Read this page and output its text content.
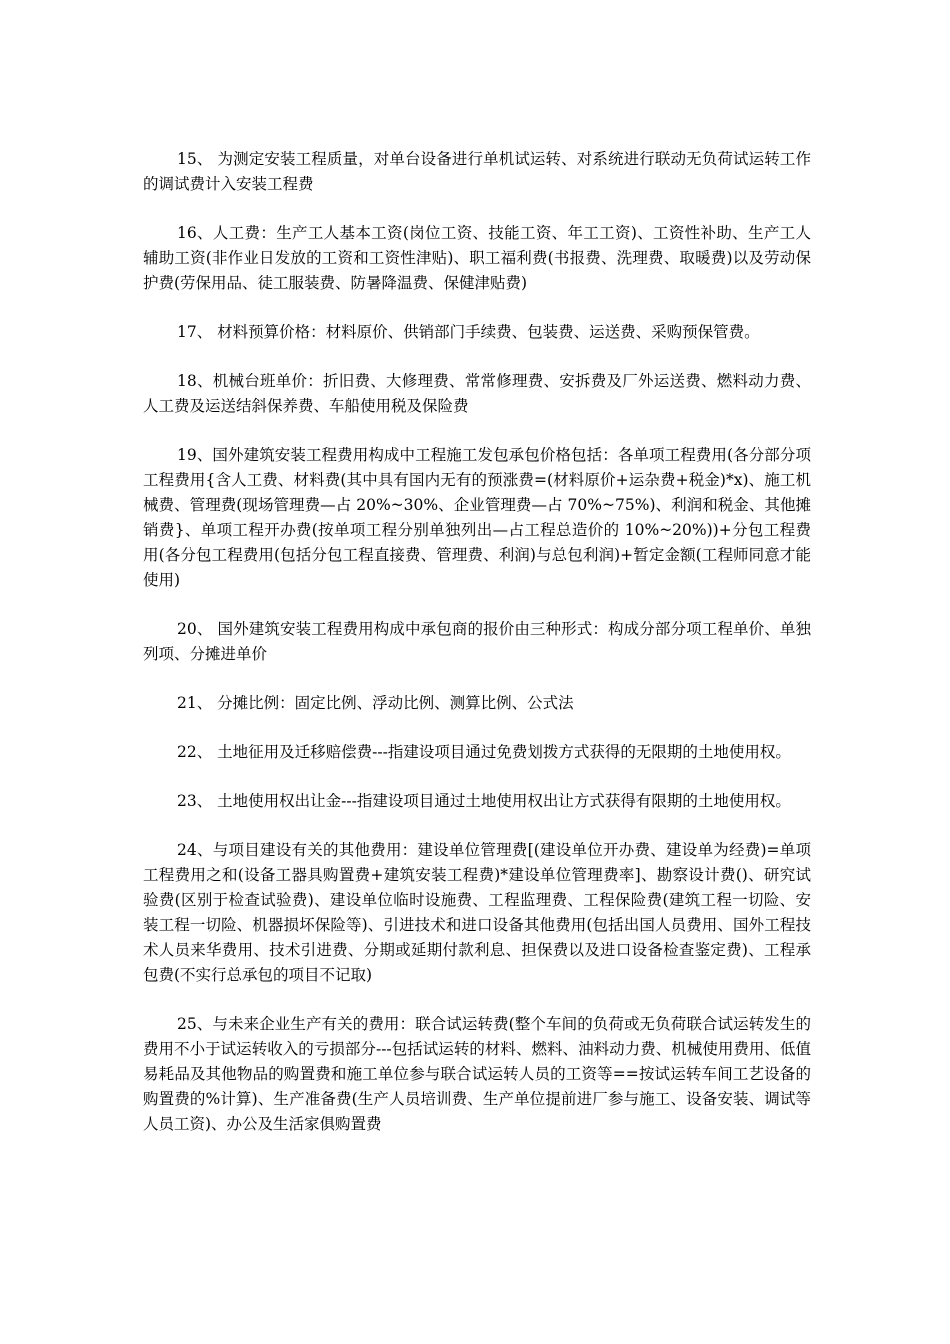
15、 为测定安装工程质量，对单台设备进行单机试运转、对系统进行联动无负荷试运转工作的调试费计入安装工程费

16、人工费：生产工人基本工资(岗位工资、技能工资、年工工资)、工资性补助、生产工人辅助工资(非作业日发放的工资和工资性津贴)、职工福利费(书报费、洗理费、取暖费)以及劳动保护费(劳保用品、徒工服装费、防暑降温费、保健津贴费)

17、 材料预算价格：材料原价、供销部门手续费、包装费、运送费、采购预保管费。

18、机械台班单价：折旧费、大修理费、常常修理费、安拆费及厂外运送费、燃料动力费、人工费及运送结斜保养费、车船使用税及保险费

19、国外建筑安装工程费用构成中工程施工发包承包价格包括：各单项工程费用(各分部分项工程费用{含人工费、材料费(其中具有国内无有的预涨费=(材料原价+运杂费+税金)*x)、施工机械费、管理费(现场管理费—占 20%~30%、企业管理费—占 70%~75%)、利润和税金、其他摊销费}、单项工程开办费(按单项工程分别单独列出—占工程总造价的 10%~20%))+分包工程费用(各分包工程费用(包括分包工程直接费、管理费、利润)与总包利润)+暂定金额(工程师同意才能使用)

20、 国外建筑安装工程费用构成中承包商的报价由三种形式：构成分部分项工程单价、单独列项、分摊进单价

21、 分摊比例：固定比例、浮动比例、测算比例、公式法

22、 土地征用及迁移赔偿费---指建设项目通过免费划拨方式获得的无限期的土地使用权。

23、 土地使用权出让金---指建设项目通过土地使用权出让方式获得有限期的土地使用权。

24、与项目建设有关的其他费用：建设单位管理费[(建设单位开办费、建设单为经费)=单项工程费用之和(设备工器具购置费+建筑安装工程费)*建设单位管理费率]、勘察设计费()、研究试验费(区别于检查试验费)、建设单位临时设施费、工程监理费、工程保险费(建筑工程一切险、安装工程一切险、机器损坏保险等)、引进技术和进口设备其他费用(包括出国人员费用、国外工程技术人员来华费用、技术引进费、分期或延期付款利息、担保费以及进口设备检查鉴定费)、工程承包费(不实行总承包的项目不记取)

25、与未来企业生产有关的费用：联合试运转费(整个车间的负荷或无负荷联合试运转发生的费用不小于试运转收入的亏损部分---包括试运转的材料、燃料、油料动力费、机械使用费用、低值易耗品及其他物品的购置费和施工单位参与联合试运转人员的工资等==按试运转车间工艺设备的购置费的%计算)、生产准备费(生产人员培训费、生产单位提前进厂参与施工、设备安装、调试等人员工资)、办公及生活家俱购置费
